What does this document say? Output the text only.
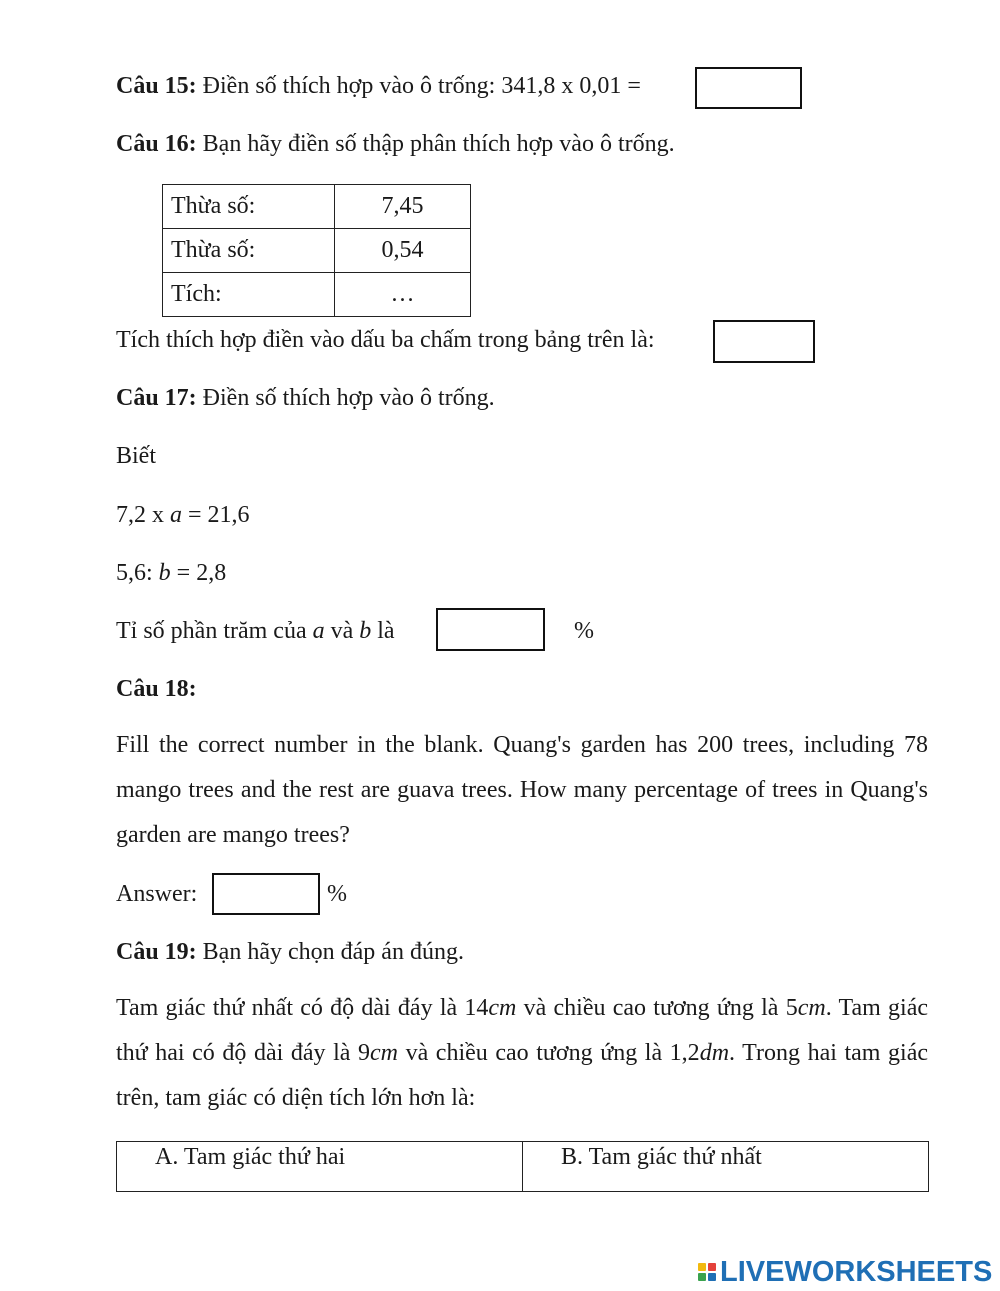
Câu 15: Điền số thích hợp vào ô trống: 341,8 x 0,01 =
Câu 16: Bạn hãy điền số thập phân thích hợp vào ô trống.
Thừa số:	7,45
Thừa số:	0,54
Tích:	…
Tích thích hợp điền vào dấu ba chấm trong bảng trên là:
Câu 17: Điền số thích hợp vào ô trống.
Biết
7,2 x a = 21,6
5,6: b = 2,8
Tỉ số phần trăm của a và b là	%
Câu 18:
Fill the correct number in the blank. Quang's garden has 200 trees, including 78 mango trees and the rest are guava trees. How many percentage of trees in Quang's garden are mango trees?
Answer:	%
Câu 19: Bạn hãy chọn đáp án đúng.
Tam giác thứ nhất có độ dài đáy là 14cm và chiều cao tương ứng là 5cm. Tam giác thứ hai có độ dài đáy là 9cm và chiều cao tương ứng là 1,2dm. Trong hai tam giác trên, tam giác có diện tích lớn hơn là:
A. Tam giác thứ hai	B. Tam giác thứ nhất
LIVEWORKSHEETS
